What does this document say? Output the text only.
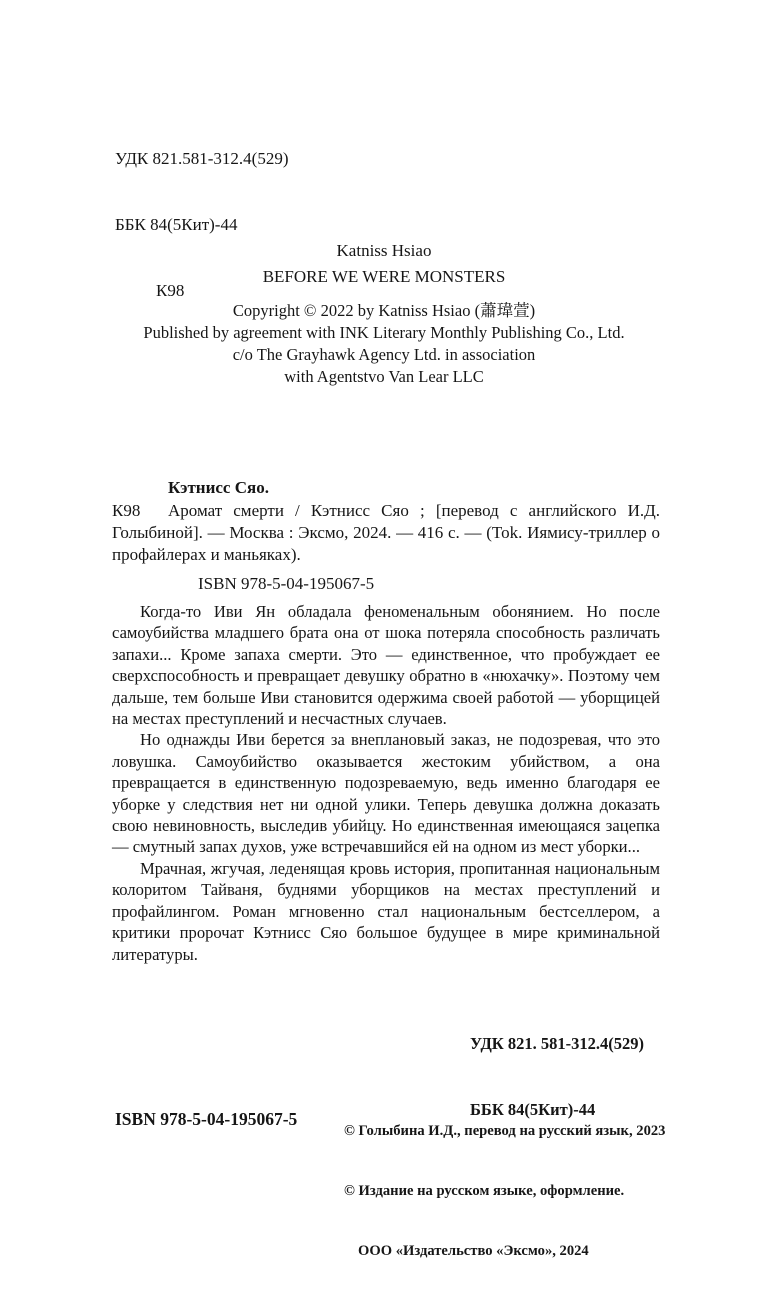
УДК 821.581-312.4(529)

ББК 84(5Кит)-44

К98

Katniss Hsiao
BEFORE WE WERE MONSTERS
Copyright © 2022 by Katniss Hsiao (蕭瑋萱)
Published by agreement with INK Literary Monthly Publishing Co., Ltd.
c/o The Grayhawk Agency Ltd. in association
with Agentstvo Van Lear LLC

Кэтнисс Сяо.

К98	Аромат смерти / Кэтнисс Сяо ; [перевод с английского И.Д. Голыбиной]. — Москва : Эксмо, 2024. — 416 с. — (Tok. Иямису-триллер о профайлерах и маньяках).

ISBN 978-5-04-195067-5

Когда-то Иви Ян обладала феноменальным обонянием. Но после самоубийства младшего брата она от шока потеряла способность различать запахи... Кроме запаха смерти. Это — единственное, что пробуждает ее сверхспособность и превращает девушку обратно в «нюхачку». Поэтому чем дальше, тем больше Иви становится одержима своей работой — уборщицей на местах преступлений и несчастных случаев.

Но однажды Иви берется за внеплановый заказ, не подозревая, что это ловушка. Самоубийство оказывается жестоким убийством, а она превращается в единственную подозреваемую, ведь именно благодаря ее уборке у следствия нет ни одной улики. Теперь девушка должна доказать свою невиновность, выследив убийцу. Но единственная имеющаяся зацепка — смутный запах духов, уже встречавшийся ей на одном из мест уборки...

Мрачная, жгучая, леденящая кровь история, пропитанная национальным колоритом Тайваня, буднями уборщиков на местах преступлений и профайлингом. Роман мгновенно стал национальным бестселлером, а критики пророчат Кэтнисс Сяо большое будущее в мире криминальной литературы.

УДК 821. 581-312.4(529)

ББК 84(5Кит)-44

© Голыбина И.Д., перевод на русский язык, 2023

© Издание на русском языке, оформление.

ООО «Издательство «Эксмо», 2024

ISBN 978-5-04-195067-5
